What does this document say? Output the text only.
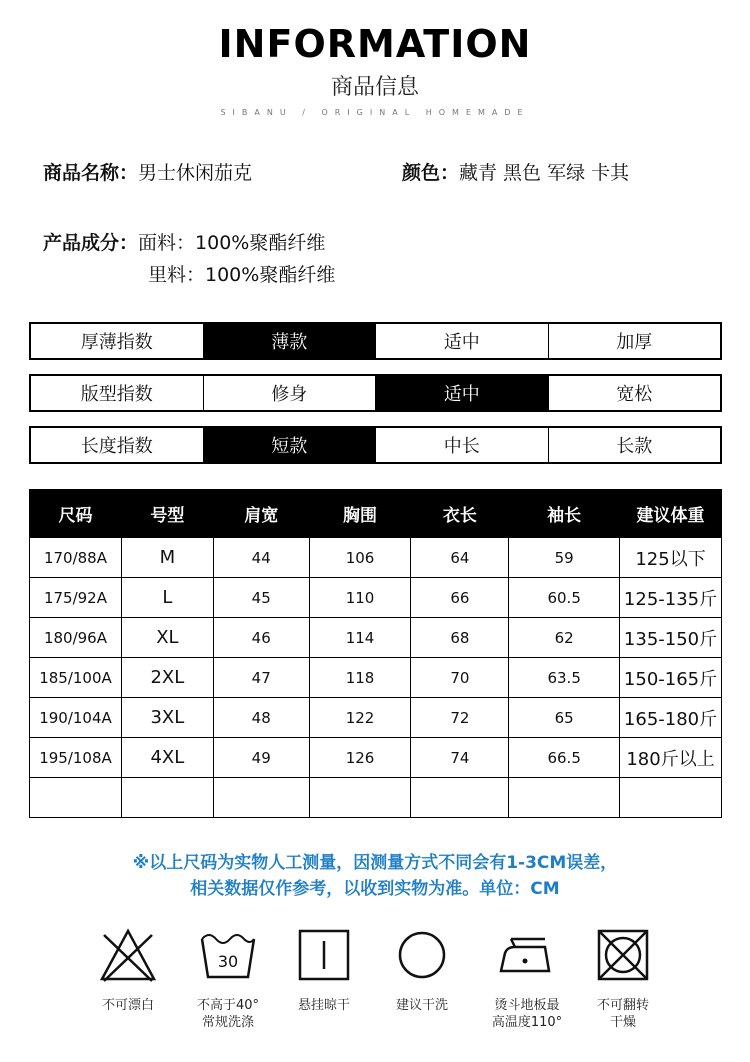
INFORMATION
商品信息
SIBANU / ORIGINAL HOMEMADE
商品名称：男士休闲茄克	颜色：藏青 黑色 军绿 卡其
产品成分：面料：100%聚酯纤维
里料：100%聚酯纤维
厚薄指数	薄款	适中	加厚
版型指数	修身	适中	宽松
长度指数	短款	中长	长款
尺码	号型	肩宽	胸围	衣长	袖长	建议体重
170/88A	M	44	106	64	59	125以下
175/92A	L	45	110	66	60.5	125-135斤
180/96A	XL	46	114	68	62	135-150斤
185/100A	2XL	47	118	70	63.5	150-165斤
190/104A	3XL	48	122	72	65	165-180斤
195/108A	4XL	49	126	74	66.5	180斤以上

※以上尺码为实物人工测量，因测量方式不同会有1-3CM误差，
相关数据仅作参考，以收到实物为准。单位：CM
不可漂白
30
不高于40°
常规洗涤
悬挂晾干	建议干洗	烫斗地板最
高温度110°
不可翻转
干燥
